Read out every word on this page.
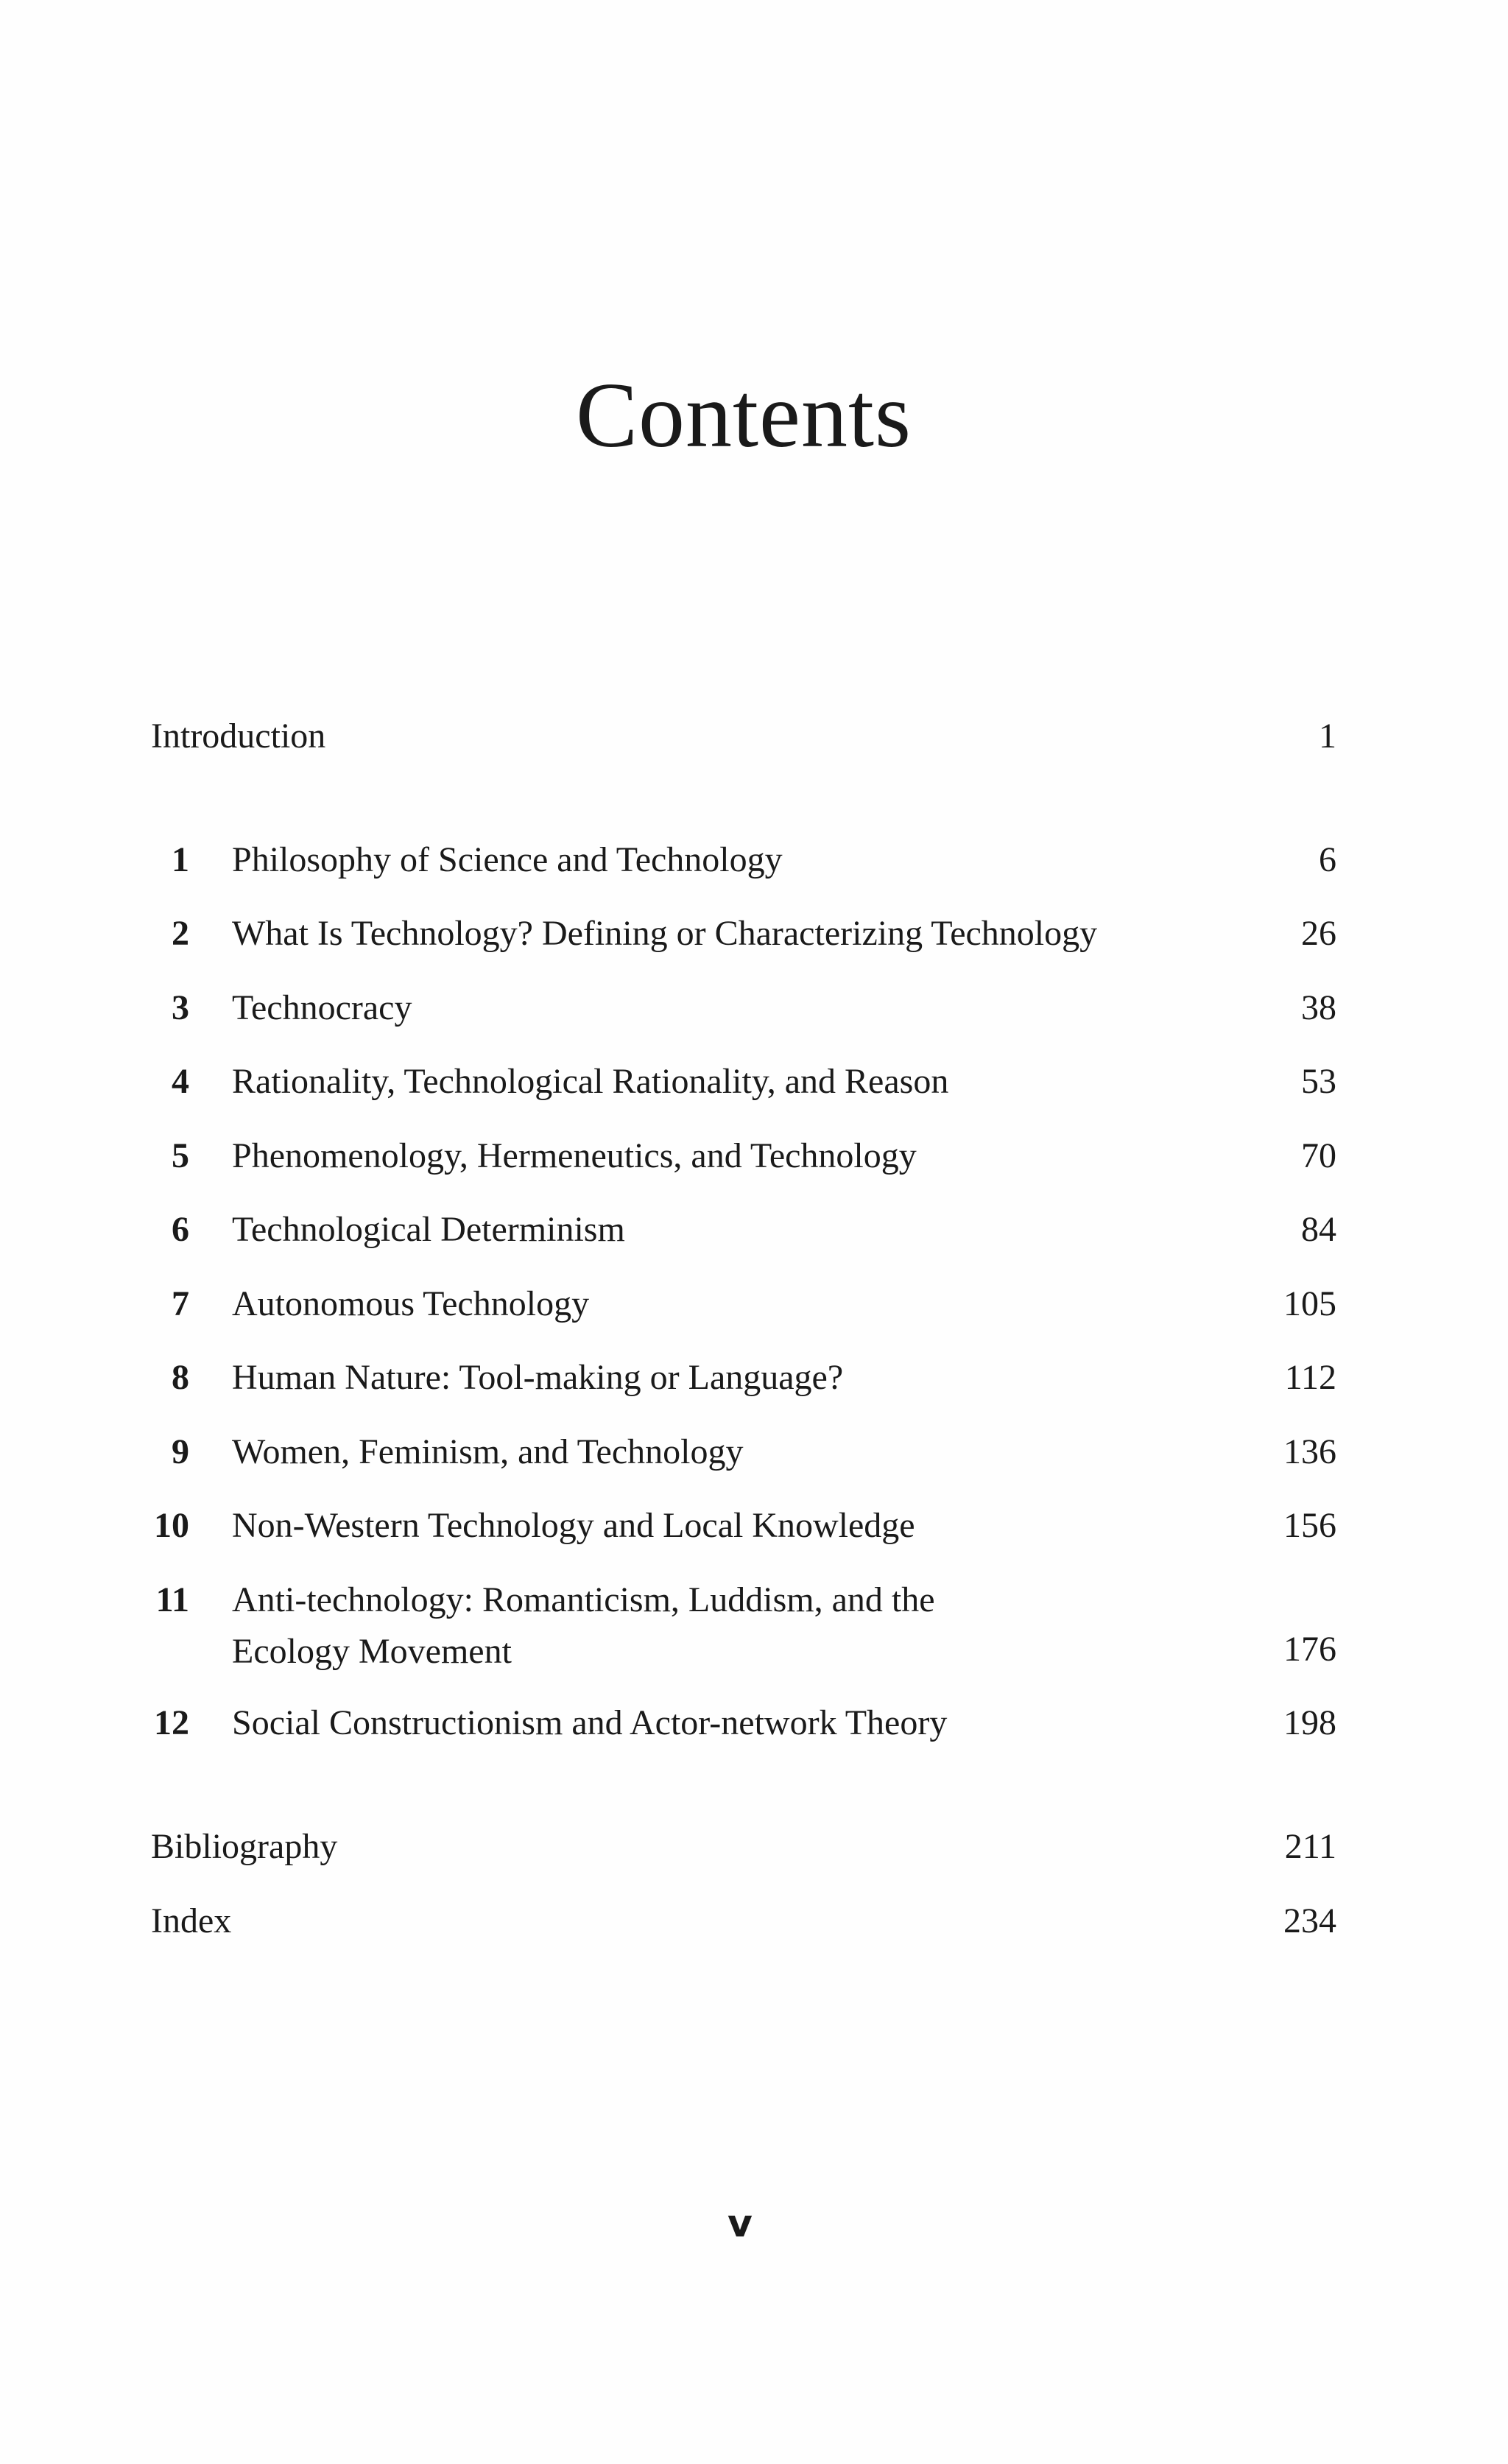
Contents
Introduction	1
1 Philosophy of Science and Technology	6
2 What Is Technology? Defining or Characterizing Technology	26
3 Technocracy	38
4 Rationality, Technological Rationality, and Reason	53
5 Phenomenology, Hermeneutics, and Technology	70
6 Technological Determinism	84
7 Autonomous Technology	105
8 Human Nature: Tool-making or Language?	112
9 Women, Feminism, and Technology	136
10 Non-Western Technology and Local Knowledge	156
11 Anti-technology: Romanticism, Luddism, and the
Ecology Movement	176
12 Social Constructionism and Actor-network Theory	198
Bibliography	211
Index	234
v
